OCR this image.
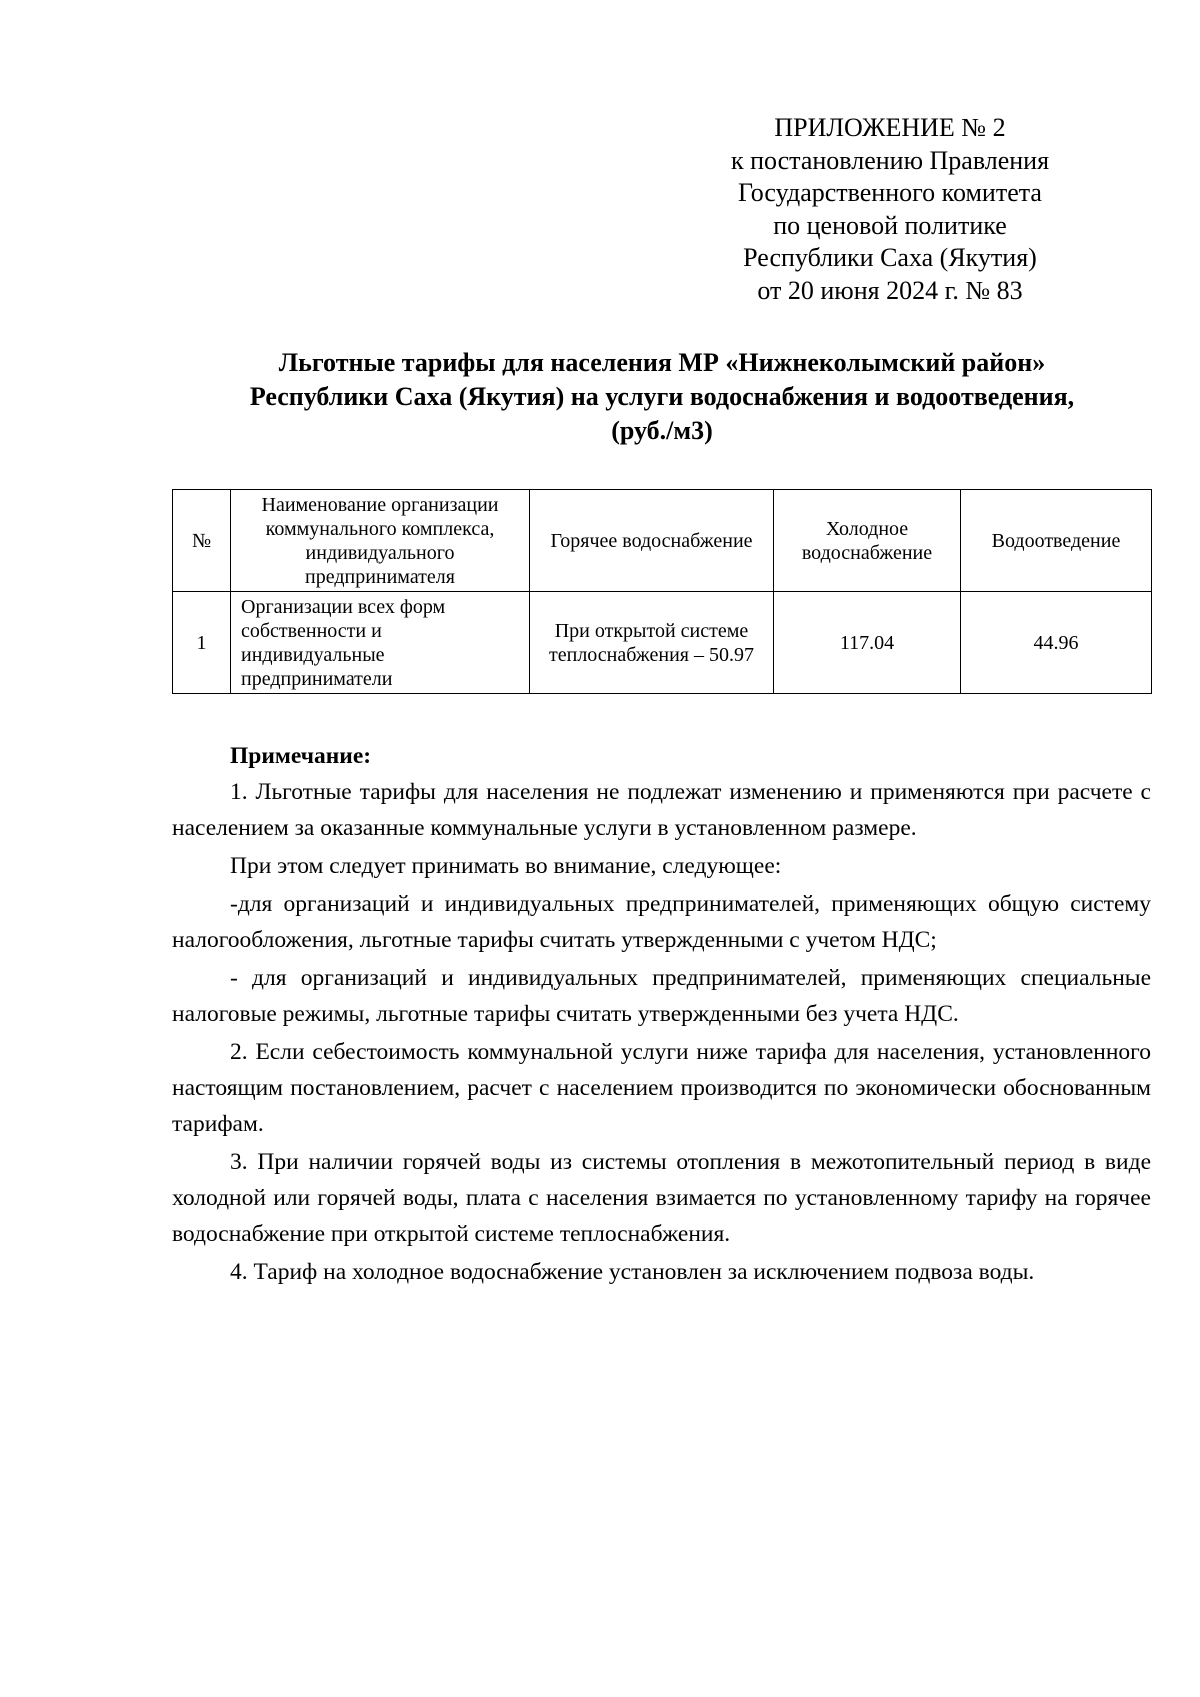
ПРИЛОЖЕНИЕ № 2
к постановлению Правления
Государственного комитета
по ценовой политике
Республики Саха (Якутия)
от 20 июня 2024 г. № 83
Льготные тарифы для населения МР «Нижнеколымский район»
Республики Саха (Якутия) на услуги водоснабжения и водоотведения,
(руб./м3)
№	Наименование организации коммунального комплекса, индивидуального предпринимателя	Горячее водоснабжение	Холодное водоснабжение	Водоотведение
1	Организации всех форм собственности и индивидуальные предприниматели	При открытой системе теплоснабжения – 50.97	117.04	44.96
Примечание:

1. Льготные тарифы для населения не подлежат изменению и применяются при расчете с населением за оказанные коммунальные услуги в установленном размере.

При этом следует принимать во внимание, следующее:

-для организаций и индивидуальных предпринимателей, применяющих общую систему налогообложения, льготные тарифы считать утвержденными с учетом НДС;

- для организаций и индивидуальных предпринимателей, применяющих специальные налоговые режимы, льготные тарифы считать утвержденными без учета НДС.

2. Если себестоимость коммунальной услуги ниже тарифа для населения, установленного настоящим постановлением, расчет с населением производится по экономически обоснованным тарифам.

3. При наличии горячей воды из системы отопления в межотопительный период в виде холодной или горячей воды, плата с населения взимается по установленному тарифу на горячее водоснабжение при открытой системе теплоснабжения.

4. Тариф на холодное водоснабжение установлен за исключением подвоза воды.
